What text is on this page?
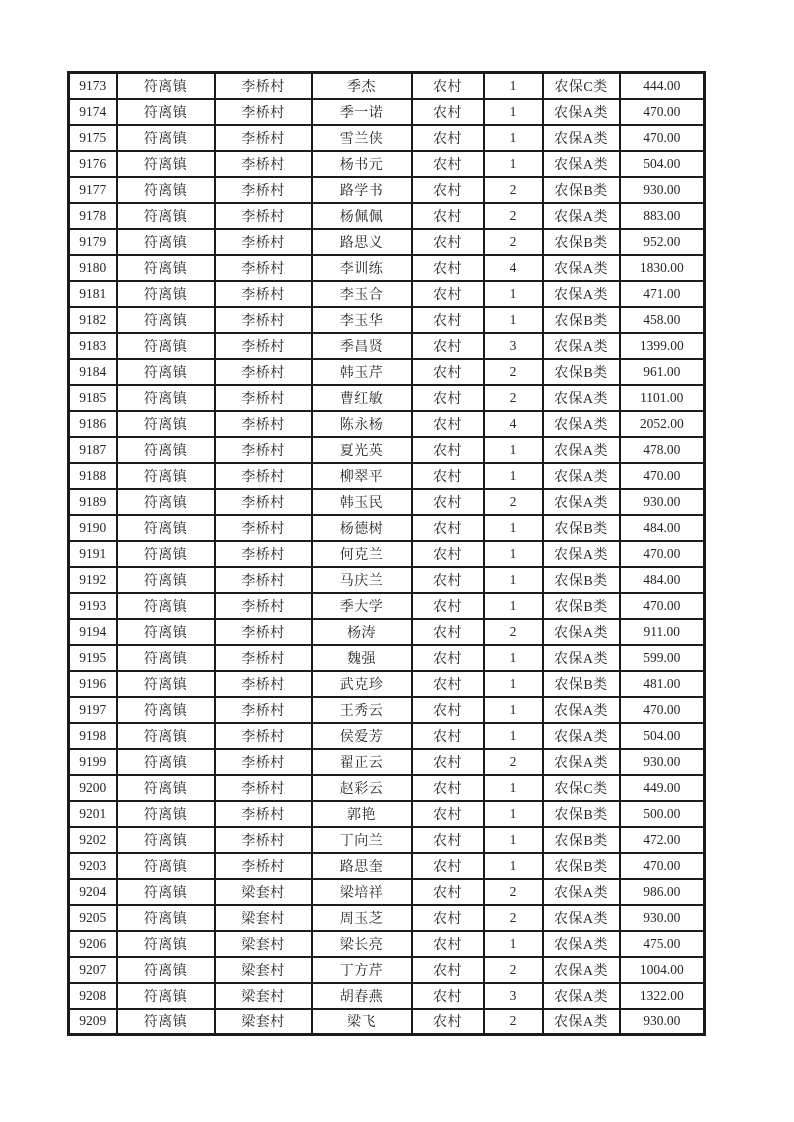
9173	符离镇	李桥村	季杰	农村	1	农保C类	444.00
9174	符离镇	李桥村	季一诺	农村	1	农保A类	470.00
9175	符离镇	李桥村	雪兰侠	农村	1	农保A类	470.00
9176	符离镇	李桥村	杨书元	农村	1	农保A类	504.00
9177	符离镇	李桥村	路学书	农村	2	农保B类	930.00
9178	符离镇	李桥村	杨佩佩	农村	2	农保A类	883.00
9179	符离镇	李桥村	路思义	农村	2	农保B类	952.00
9180	符离镇	李桥村	李训练	农村	4	农保A类	1830.00
9181	符离镇	李桥村	李玉合	农村	1	农保A类	471.00
9182	符离镇	李桥村	李玉华	农村	1	农保B类	458.00
9183	符离镇	李桥村	季昌贤	农村	3	农保A类	1399.00
9184	符离镇	李桥村	韩玉芹	农村	2	农保B类	961.00
9185	符离镇	李桥村	曹红敏	农村	2	农保A类	1101.00
9186	符离镇	李桥村	陈永杨	农村	4	农保A类	2052.00
9187	符离镇	李桥村	夏光英	农村	1	农保A类	478.00
9188	符离镇	李桥村	柳翠平	农村	1	农保A类	470.00
9189	符离镇	李桥村	韩玉民	农村	2	农保A类	930.00
9190	符离镇	李桥村	杨德树	农村	1	农保B类	484.00
9191	符离镇	李桥村	何克兰	农村	1	农保A类	470.00
9192	符离镇	李桥村	马庆兰	农村	1	农保B类	484.00
9193	符离镇	李桥村	季大学	农村	1	农保B类	470.00
9194	符离镇	李桥村	杨涛	农村	2	农保A类	911.00
9195	符离镇	李桥村	魏强	农村	1	农保A类	599.00
9196	符离镇	李桥村	武克珍	农村	1	农保B类	481.00
9197	符离镇	李桥村	王秀云	农村	1	农保A类	470.00
9198	符离镇	李桥村	侯爱芳	农村	1	农保A类	504.00
9199	符离镇	李桥村	翟正云	农村	2	农保A类	930.00
9200	符离镇	李桥村	赵彩云	农村	1	农保C类	449.00
9201	符离镇	李桥村	郭艳	农村	1	农保B类	500.00
9202	符离镇	李桥村	丁向兰	农村	1	农保B类	472.00
9203	符离镇	李桥村	路思奎	农村	1	农保B类	470.00
9204	符离镇	梁套村	梁培祥	农村	2	农保A类	986.00
9205	符离镇	梁套村	周玉芝	农村	2	农保A类	930.00
9206	符离镇	梁套村	梁长亮	农村	1	农保A类	475.00
9207	符离镇	梁套村	丁方芹	农村	2	农保A类	1004.00
9208	符离镇	梁套村	胡春燕	农村	3	农保A类	1322.00
9209	符离镇	梁套村	梁飞	农村	2	农保A类	930.00
